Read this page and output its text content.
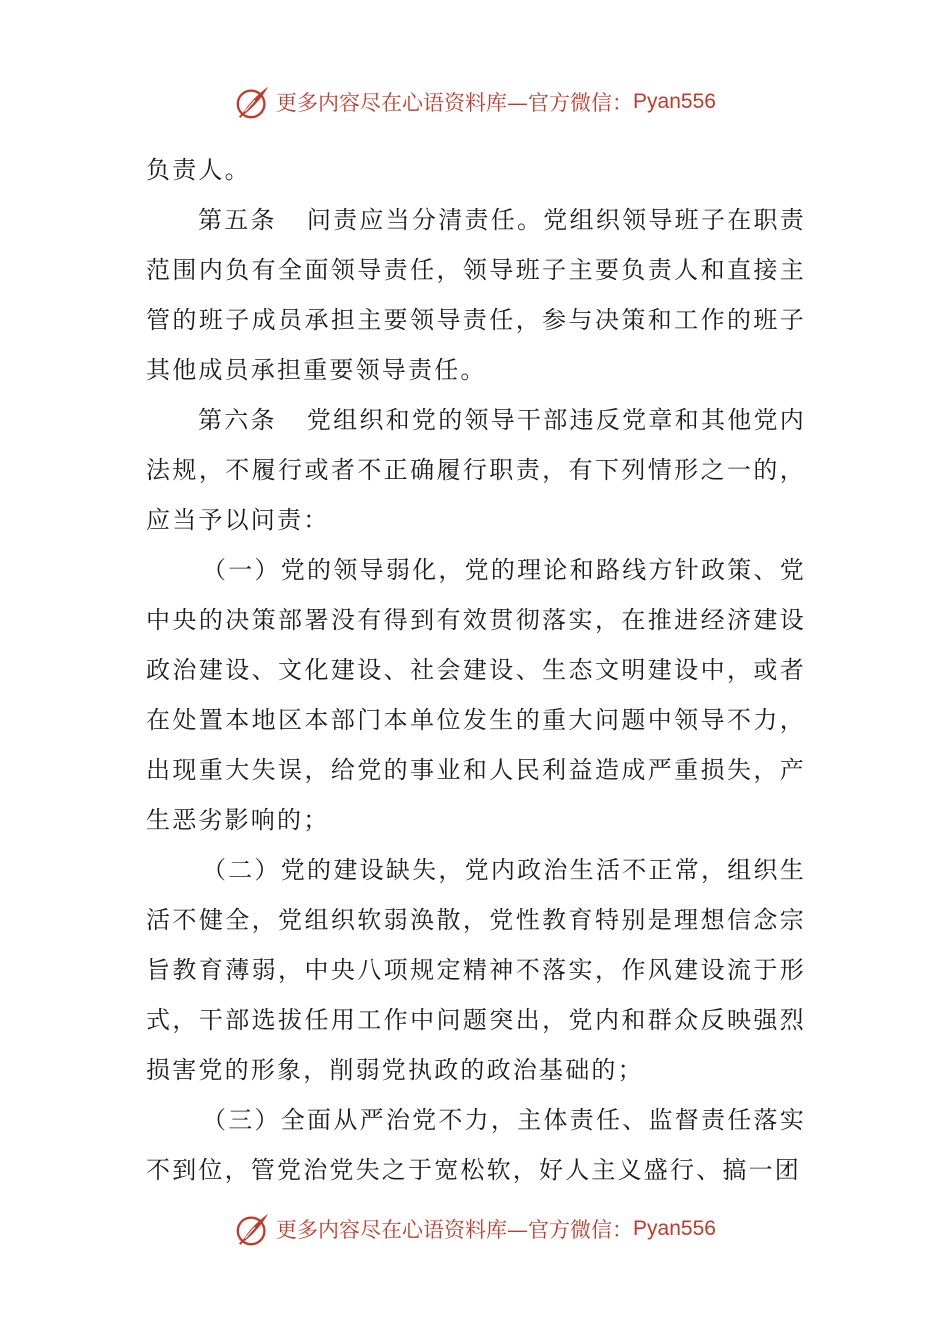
更多内容尽在心语资料库—官方微信： Pyan556

负责人。

第五条 问责应当分清责任。党组织领导班子在职责范围内负有全面领导责任，领导班子主要负责人和直接主管的班子成员承担主要领导责任，参与决策和工作的班子其他成员承担重要领导责任。

第六条 党组织和党的领导干部违反党章和其他党内法规，不履行或者不正确履行职责，有下列情形之一的，应当予以问责：

（一）党的领导弱化，党的理论和路线方针政策、党中央的决策部署没有得到有效贯彻落实，在推进经济建设政治建设、文化建设、社会建设、生态文明建设中，或者在处置本地区本部门本单位发生的重大问题中领导不力，出现重大失误，给党的事业和人民利益造成严重损失，产生恶劣影响的；

（二）党的建设缺失，党内政治生活不正常，组织生活不健全，党组织软弱涣散，党性教育特别是理想信念宗旨教育薄弱，中央八项规定精神不落实，作风建设流于形式，干部选拔任用工作中问题突出，党内和群众反映强烈损害党的形象，削弱党执政的政治基础的；

（三）全面从严治党不力，主体责任、监督责任落实不到位，管党治党失之于宽松软，好人主义盛行、搞一团

更多内容尽在心语资料库—官方微信： Pyan556
